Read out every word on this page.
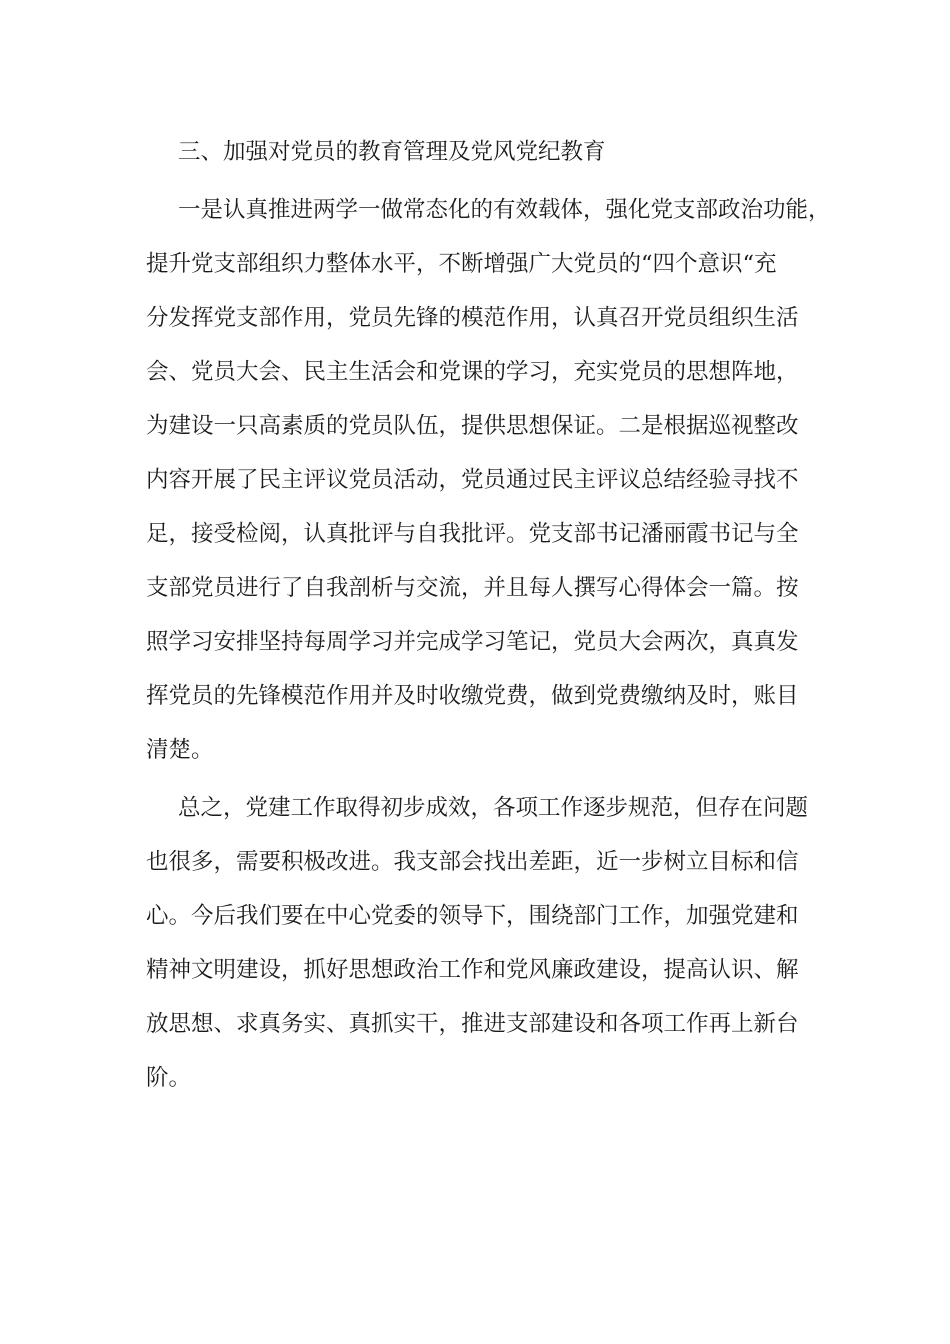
三、加强对党员的教育管理及党风党纪教育

一是认真推进两学一做常态化的有效载体，强化党支部政治功能，

提升党支部组织力整体水平，不断增强广大党员的“四个意识“充

分发挥党支部作用，党员先锋的模范作用，认真召开党员组织生活

会、党员大会、民主生活会和党课的学习，充实党员的思想阵地，

为建设一只高素质的党员队伍，提供思想保证。二是根据巡视整改

内容开展了民主评议党员活动，党员通过民主评议总结经验寻找不

足，接受检阅，认真批评与自我批评。党支部书记潘丽霞书记与全

支部党员进行了自我剖析与交流，并且每人撰写心得体会一篇。按

照学习安排坚持每周学习并完成学习笔记，党员大会两次，真真发

挥党员的先锋模范作用并及时收缴党费，做到党费缴纳及时，账目

清楚。

总之，党建工作取得初步成效，各项工作逐步规范，但存在问题

也很多，需要积极改进。我支部会找出差距，近一步树立目标和信

心。今后我们要在中心党委的领导下，围绕部门工作，加强党建和

精神文明建设，抓好思想政治工作和党风廉政建设，提高认识、解

放思想、求真务实、真抓实干，推进支部建设和各项工作再上新台

阶。
